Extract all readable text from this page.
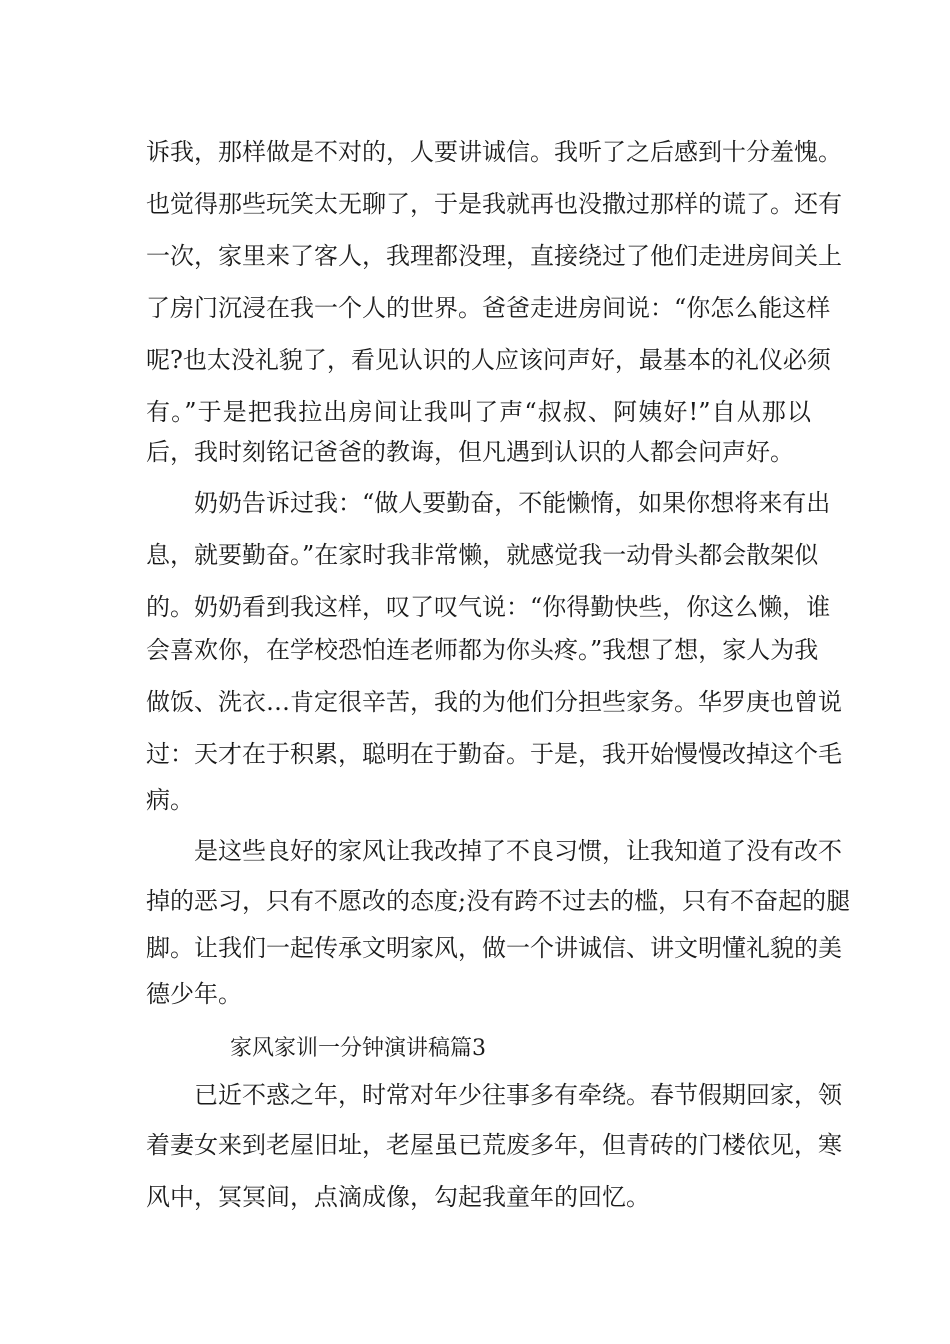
诉我，那样做是不对的，人要讲诚信。我听了之后感到十分羞愧。
也觉得那些玩笑太无聊了，于是我就再也没撒过那样的谎了。还有
一次，家里来了客人，我理都没理，直接绕过了他们走进房间关上
了房门沉浸在我一个人的世界。爸爸走进房间说：“你怎么能这样
呢?也太没礼貌了，看见认识的人应该问声好，最基本的礼仪必须
有。”于是把我拉出房间让我叫了声“叔叔、阿姨好!”自从那以
后，我时刻铭记爸爸的教诲，但凡遇到认识的人都会问声好。
奶奶告诉过我：“做人要勤奋，不能懒惰，如果你想将来有出
息，就要勤奋。”在家时我非常懒，就感觉我一动骨头都会散架似
的。奶奶看到我这样，叹了叹气说：“你得勤快些，你这么懒，谁
会喜欢你，在学校恐怕连老师都为你头疼。”我想了想，家人为我
做饭、洗衣…肯定很辛苦，我的为他们分担些家务。华罗庚也曾说
过：天才在于积累，聪明在于勤奋。于是，我开始慢慢改掉这个毛
病。
是这些良好的家风让我改掉了不良习惯，让我知道了没有改不
掉的恶习，只有不愿改的态度;没有跨不过去的槛，只有不奋起的腿
脚。让我们一起传承文明家风，做一个讲诚信、讲文明懂礼貌的美
德少年。
家风家训一分钟演讲稿篇3
已近不惑之年，时常对年少往事多有牵绕。春节假期回家，领
着妻女来到老屋旧址，老屋虽已荒废多年，但青砖的门楼依见，寒
风中，冥冥间，点滴成像，勾起我童年的回忆。
